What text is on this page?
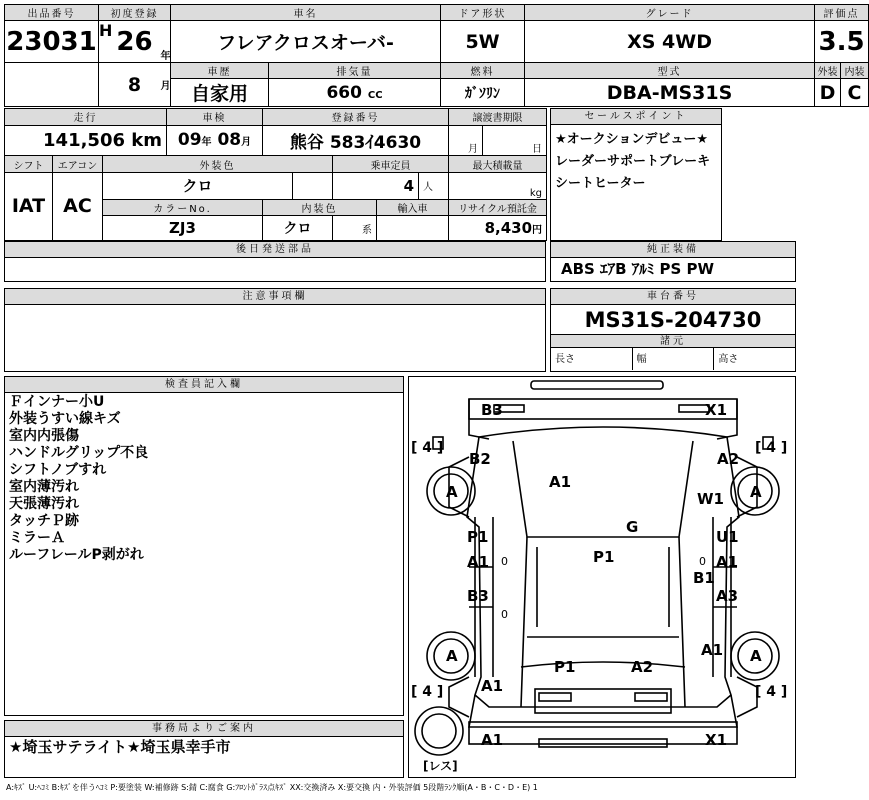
出品番号	初度登録			車名		ドア形状	グレード	評価点	
23031	H	26	年	フレアクロスオーバ-		5W	XS 4WD	3.5	
		8	月	車歴	排気量	燃料	型式	外装	内装
				自家用	660 CC	ｶﾞｿﾘﾝ	DBA-MS31S	D	C
走行			車検	登録番号					譲渡書期限	
141,506 km			09年 08月	熊谷 583ｲ4630					月	日
シフト	エアコン	外装色				乗車定員			最大積載量	
IAT	AC	クロ				4		人	kg	
		カラーNo.		内装色			輸入車		リサイクル預託金	
		ZJ3		クロ		系			8,430円	
後日発送部品
セールスポイント
★オークションデビュー★
レーダーサポートブレーキ
シートヒーター
純正装備
ABS ｴｱB ｱﾙﾐ PS PW
注意事項欄	車台番号
MS31S-204730
諸元
長さ	幅	高さ
検査員記入欄
Ｆインナー小U
外装うすい線キズ
室内内張傷
ハンドルグリップ不良
シフトノブすれ
室内薄汚れ
天張薄汚れ
タッチＰ跡
ミラーＡ
ルーフレールP剥がれ
事務局よりご案内
★埼玉サテライト★埼玉県幸手市
B3	X1
B2	A2
A1
A	A
W1
P1
G
U1
A1	P1	A1
B1
B3	A3
A	A1 A
P1	A2
A1
A1	X1
0	0
0
[ 4 ]	[ 4 ]
[ 4 ]	[ 4 ]
[レス]
A:ｷｽﾞ U:ﾍｺﾐ B:ｷｽﾞを伴うﾍｺﾐ P:要塗装 W:補修跡 S:錆 C:腐食 G:ﾌﾛﾝﾄｶﾞﾗｽ点ｷｽﾞ XX:交換済み X:要交換 内・外装評価 5段階ﾗﾝｸ順(A・B・C・D・E) 1
